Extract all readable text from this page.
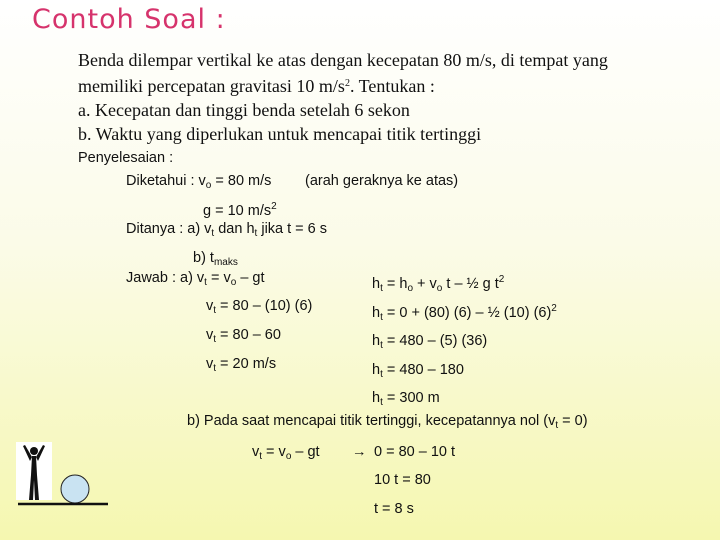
Contoh Soal :
Benda dilempar vertikal ke atas dengan kecepatan 80 m/s, di tempat yang
memiliki percepatan gravitasi 10 $m/s^2$. Tentukan :
a. Kecepatan dan tinggi benda setelah 6 sekon
b. Waktu yang diperlukan untuk mencapai titik tertinggi
Penyelesaian :
Diketahui : $v_o = 80$ m/s (arah geraknya ke atas)
g = 10 $m/s^2$
Ditanya : a) $v_t$ dan $h_t$ jika t = 6 s
b) $t_{maks}$
Jawab : a) $v_t = v_o$ – gt	$h_t = h_o + v_o$ t – ½ g $t^2$
$v_t = 80 - (10)$ (6)	$h_t = 0 + (80)$ (6) – ½ (10) $(6)^2$
$v_t = 80 - 60$	$h_t = 480 - (5)$ (36)
$v_t = 20$ m/s	$h_t = 480 - 180$
$h_t = 300$ m
b) Pada saat mencapai titik tertinggi, kecepatannya nol $(v_t = 0)$
$v_t = v_o$ – gt → 0 = 80 – 10 t
10 t = 80
t = 8 s
